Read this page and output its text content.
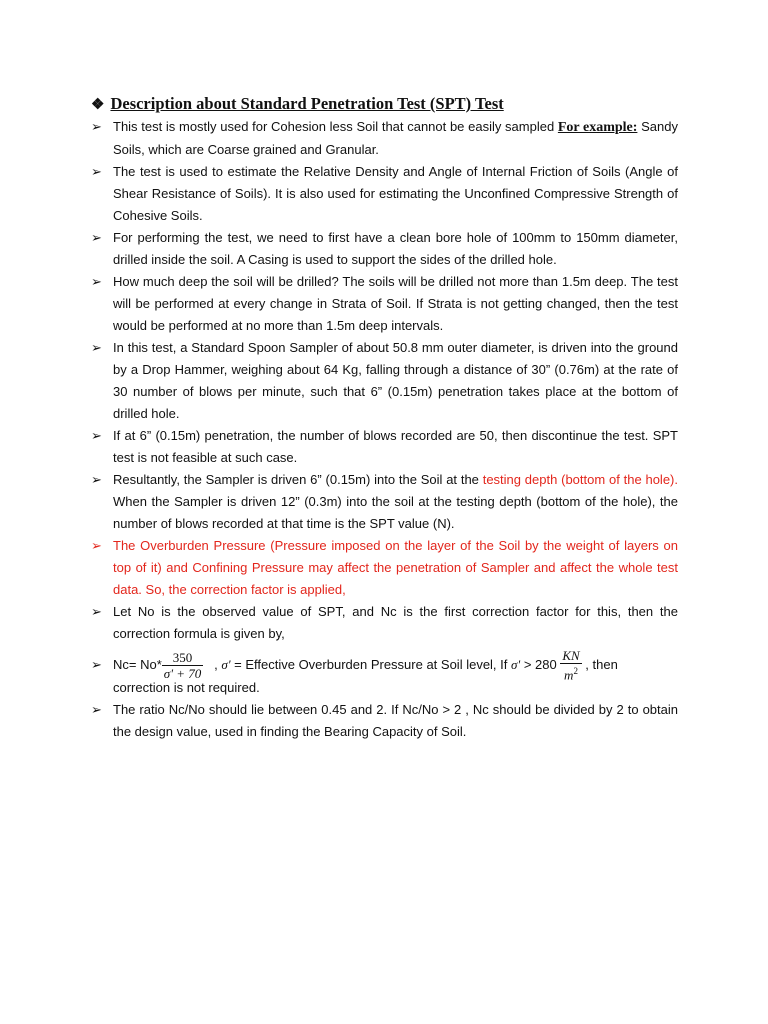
❖ Description about Standard Penetration Test (SPT) Test
➢ This test is mostly used for Cohesion less Soil that cannot be easily sampled For example: Sandy Soils, which are Coarse grained and Granular.
➢ The test is used to estimate the Relative Density and Angle of Internal Friction of Soils (Angle of Shear Resistance of Soils). It is also used for estimating the Unconfined Compressive Strength of Cohesive Soils.
➢ For performing the test, we need to first have a clean bore hole of 100mm to 150mm diameter, drilled inside the soil. A Casing is used to support the sides of the drilled hole.
➢ How much deep the soil will be drilled? The soils will be drilled not more than 1.5m deep. The test will be performed at every change in Strata of Soil. If Strata is not getting changed, then the test would be performed at no more than 1.5m deep intervals.
➢ In this test, a Standard Spoon Sampler of about 50.8 mm outer diameter, is driven into the ground by a Drop Hammer, weighing about 64 Kg, falling through a distance of 30” (0.76m) at the rate of 30 number of blows per minute, such that 6” (0.15m) penetration takes place at the bottom of drilled hole.
➢ If at 6” (0.15m) penetration, the number of blows recorded are 50, then discontinue the test. SPT test is not feasible at such case.
➢ Resultantly, the Sampler is driven 6” (0.15m) into the Soil at the testing depth (bottom of the hole). When the Sampler is driven 12” (0.3m) into the soil at the testing depth (bottom of the hole), the number of blows recorded at that time is the SPT value (N).
➢ The Overburden Pressure (Pressure imposed on the layer of the Soil by the weight of layers on top of it) and Confining Pressure may affect the penetration of Sampler and affect the whole test data. So, the correction factor is applied,
➢ Let No is the observed value of SPT, and Nc is the first correction factor for this, then the correction formula is given by,
➢ $Nc= No* \frac{350}{\sigma' + 70}$ , σ' = Effective Overburden Pressure at Soil level, If $\sigma' > 280 \frac{KN}{m^2}$ , then
correction is not required.
➢ The ratio Nc/No should lie between 0.45 and 2. If Nc/No > 2 , Nc should be divided by 2 to obtain the design value, used in finding the Bearing Capacity of Soil.
